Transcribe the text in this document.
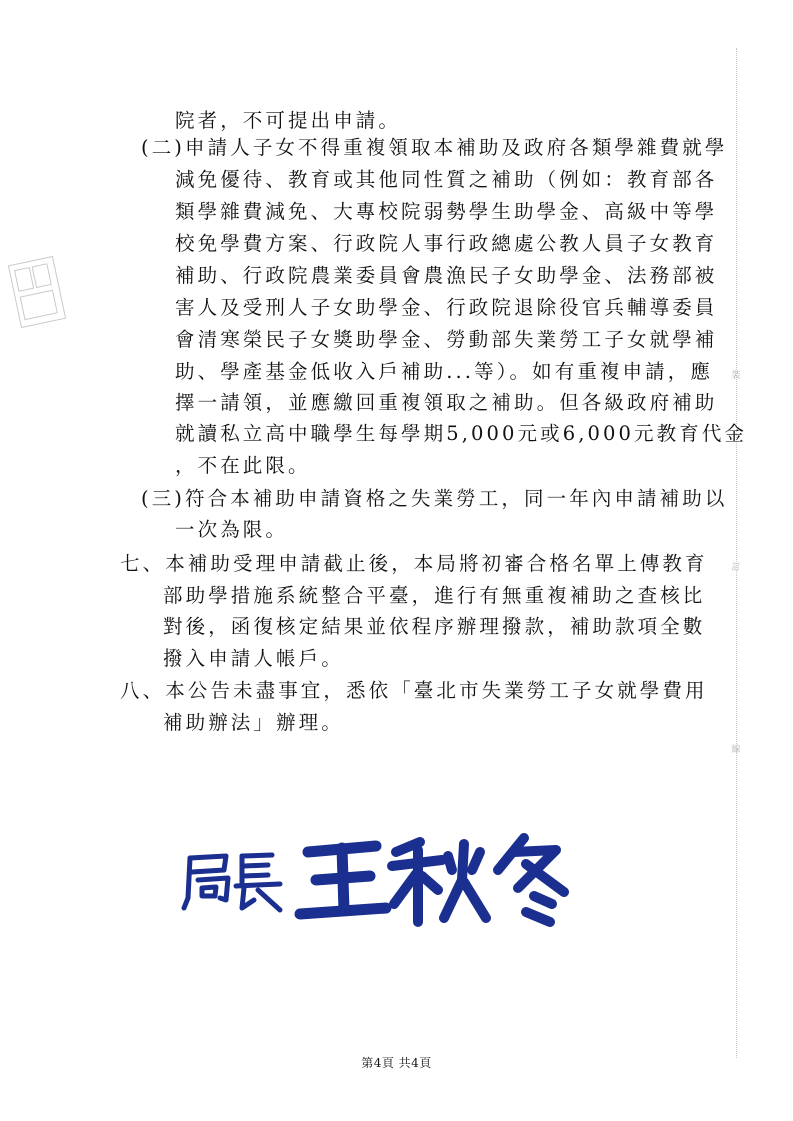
裝
訂
線
院者，不可提出申請。
(二)申請人子女不得重複領取本補助及政府各類學雜費就學
減免優待、教育或其他同性質之補助（例如：教育部各
類學雜費減免、大專校院弱勢學生助學金、高級中等學
校免學費方案、行政院人事行政總處公教人員子女教育
補助、行政院農業委員會農漁民子女助學金、法務部被
害人及受刑人子女助學金、行政院退除役官兵輔導委員
會清寒榮民子女獎助學金、勞動部失業勞工子女就學補
助、學產基金低收入戶補助...等）。如有重複申請，應
擇一請領，並應繳回重複領取之補助。但各級政府補助
就讀私立高中職學生每學期5,000元或6,000元教育代金
，不在此限。
(三)符合本補助申請資格之失業勞工，同一年內申請補助以
一次為限。
七、本補助受理申請截止後，本局將初審合格名單上傳教育
部助學措施系統整合平臺，進行有無重複補助之查核比
對後，函復核定結果並依程序辦理撥款，補助款項全數
撥入申請人帳戶。
八、本公告未盡事宜，悉依「臺北市失業勞工子女就學費用
補助辦法」辦理。
第4頁 共4頁
